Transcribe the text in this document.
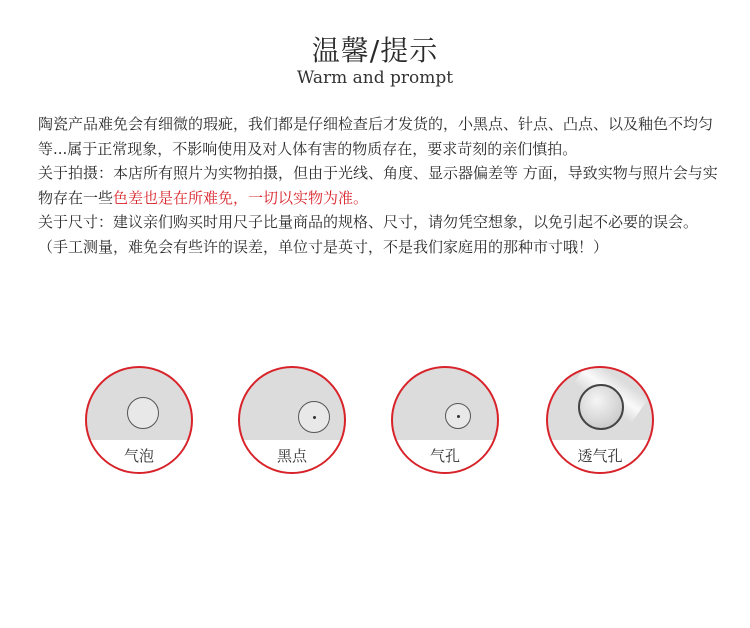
温馨/提示
Warm and prompt

陶瓷产品难免会有细微的瑕疵，我们都是仔细检查后才发货的，小黑点、针点、凸点、以及釉色不均匀等...属于正常现象，不影响使用及对人体有害的物质存在，要求苛刻的亲们慎拍。

关于拍摄：本店所有照片为实物拍摄，但由于光线、角度、显示器偏差等 方面，导致实物与照片会与实物存在一些色差也是在所难免，一切以实物为准。

关于尺寸：建议亲们购买时用尺子比量商品的规格、尺寸，请勿凭空想象，以免引起不必要的误会。（手工测量，难免会有些许的误差，单位寸是英寸，不是我们家庭用的那种市寸哦！）

气泡	黑点	气孔	透气孔
